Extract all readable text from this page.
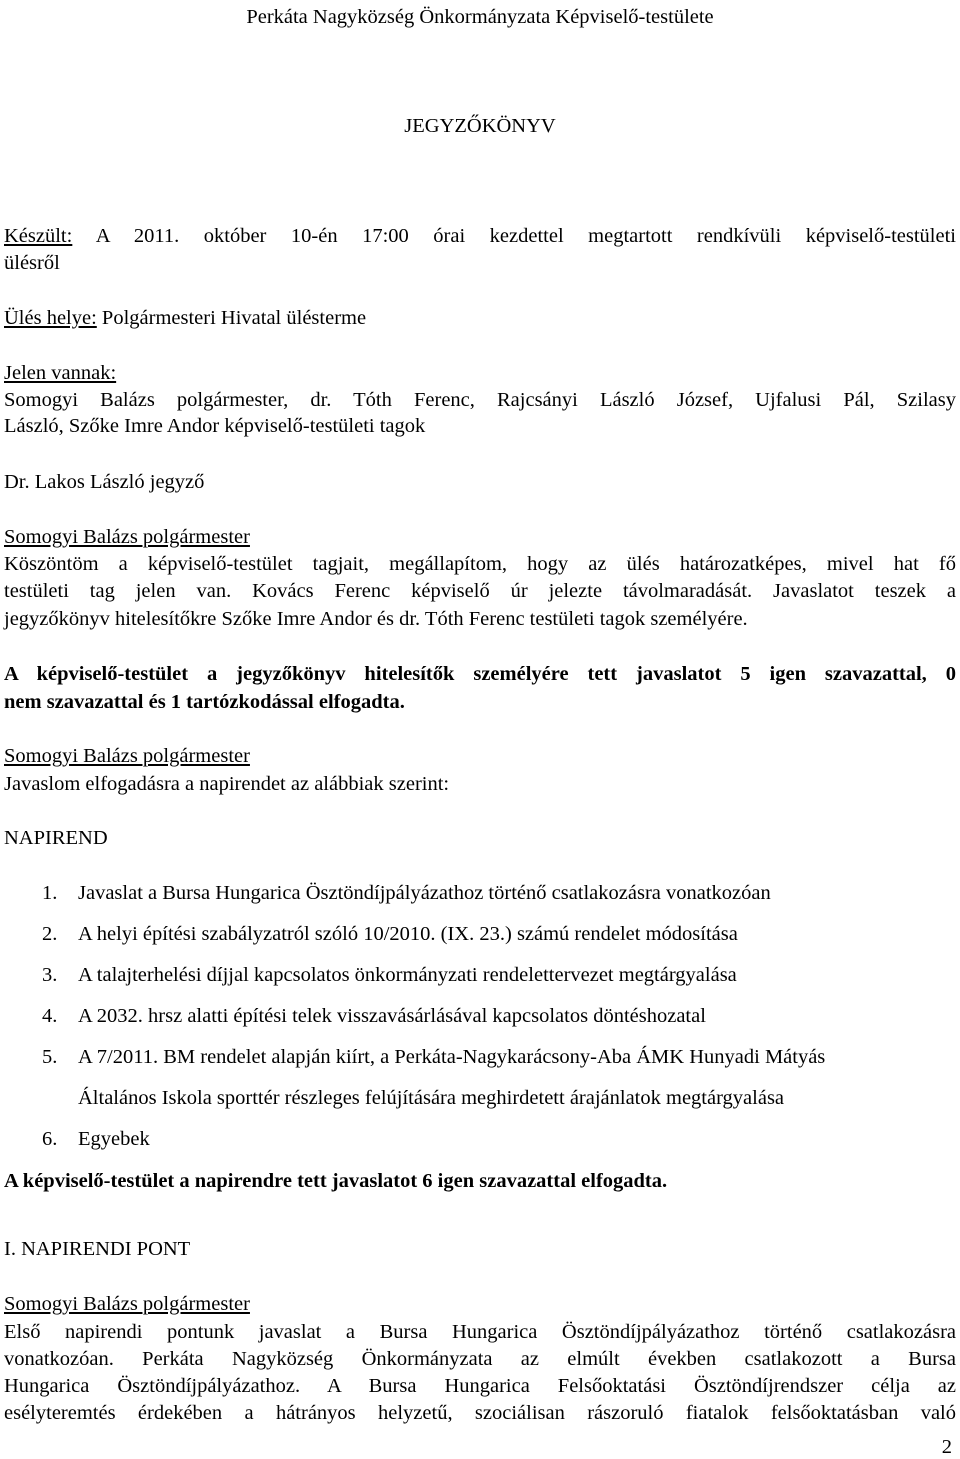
Perkáta Nagyközség Önkormányzata Képviselő-testülete
JEGYZŐKÖNYV
Készült: A 2011. október 10-én 17:00 órai kezdettel megtartott rendkívüli képviselő-testületi
ülésről
Ülés helye: Polgármesteri Hivatal ülésterme
Jelen vannak:
Somogyi Balázs polgármester, dr. Tóth Ferenc, Rajcsányi László József, Ujfalusi Pál, Szilasy
László, Szőke Imre Andor képviselő-testületi tagok
Dr. Lakos László jegyző
Somogyi Balázs polgármester
Köszöntöm a képviselő-testület tagjait, megállapítom, hogy az ülés határozatképes, mivel hat fő
testületi tag jelen van. Kovács Ferenc képviselő úr jelezte távolmaradását. Javaslatot teszek a
jegyzőkönyv hitelesítőkre Szőke Imre Andor és dr. Tóth Ferenc testületi tagok személyére.
A képviselő-testület a jegyzőkönyv hitelesítők személyére tett javaslatot 5 igen szavazattal, 0
nem szavazattal és 1 tartózkodással elfogadta.
Somogyi Balázs polgármester
Javaslom elfogadásra a napirendet az alábbiak szerint:
NAPIREND
1. Javaslat a Bursa Hungarica Ösztöndíjpályázathoz történő csatlakozásra vonatkozóan
2. A helyi építési szabályzatról szóló 10/2010. (IX. 23.) számú rendelet módosítása
3. A talajterhelési díjjal kapcsolatos önkormányzati rendelettervezet megtárgyalása
4. A 2032. hrsz alatti építési telek visszavásárlásával kapcsolatos döntéshozatal
5. A 7/2011. BM rendelet alapján kiírt, a Perkáta-Nagykarácsony-Aba ÁMK Hunyadi Mátyás
Általános Iskola sporttér részleges felújítására meghirdetett árajánlatok megtárgyalása
6. Egyebek
A képviselő-testület a napirendre tett javaslatot 6 igen szavazattal elfogadta.
I. NAPIRENDI PONT
Somogyi Balázs polgármester
Első napirendi pontunk javaslat a Bursa Hungarica Ösztöndíjpályázathoz történő csatlakozásra
vonatkozóan. Perkáta Nagyközség Önkormányzata az elmúlt években csatlakozott a Bursa
Hungarica Ösztöndíjpályázathoz. A Bursa Hungarica Felsőoktatási Ösztöndíjrendszer célja az
esélyteremtés érdekében a hátrányos helyzetű, szociálisan rászoruló fiatalok felsőoktatásban való
2
